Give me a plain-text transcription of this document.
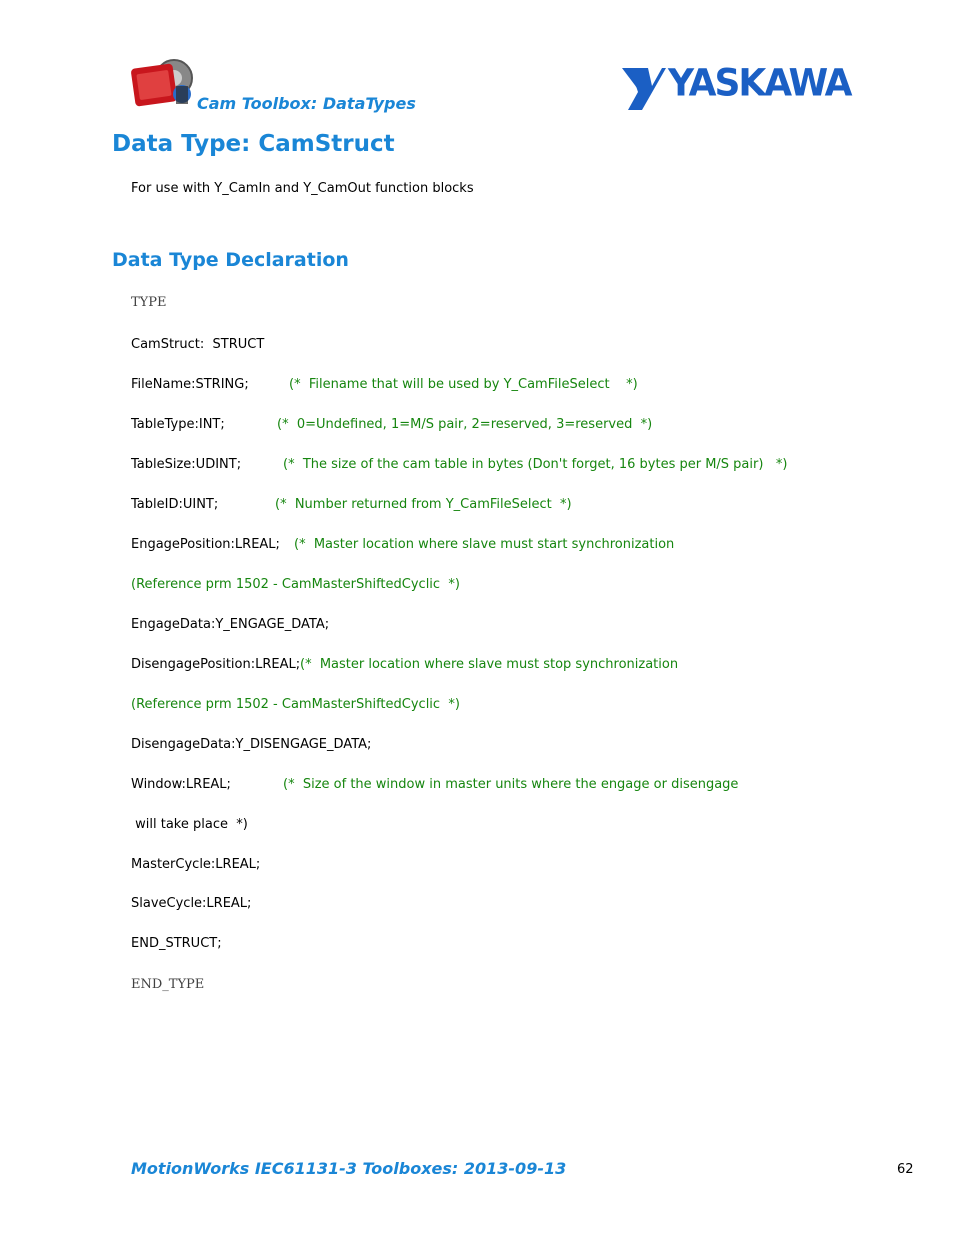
Cam Toolbox: DataTypes	YASKAWA
Data Type: CamStruct
For use with Y_CamIn and Y_CamOut function blocks
Data Type Declaration
TYPE
CamStruct:  STRUCT
FileName:STRING;	(*  Filename that will be used by Y_CamFileSelect    *)
TableType:INT;	(*  0=Undefined, 1=M/S pair, 2=reserved, 3=reserved  *)
TableSize:UDINT;	(*  The size of the cam table in bytes (Don't forget, 16 bytes per M/S pair)   *)
TableID:UINT;	(*  Number returned from Y_CamFileSelect  *)
EngagePosition:LREAL; (*  Master location where slave must start synchronization
(Reference prm 1502 - CamMasterShiftedCyclic  *)
EngageData:Y_ENGAGE_DATA;
DisengagePosition:LREAL; (*  Master location where slave must stop synchronization
(Reference prm 1502 - CamMasterShiftedCyclic  *)
DisengageData:Y_DISENGAGE_DATA;
Window:LREAL;	(*  Size of the window in master units where the engage or disengage
will take place  *)
MasterCycle:LREAL;
SlaveCycle:LREAL;
END_STRUCT;
END_TYPE
MotionWorks IEC61131-3 Toolboxes: 2013-09-13	62
